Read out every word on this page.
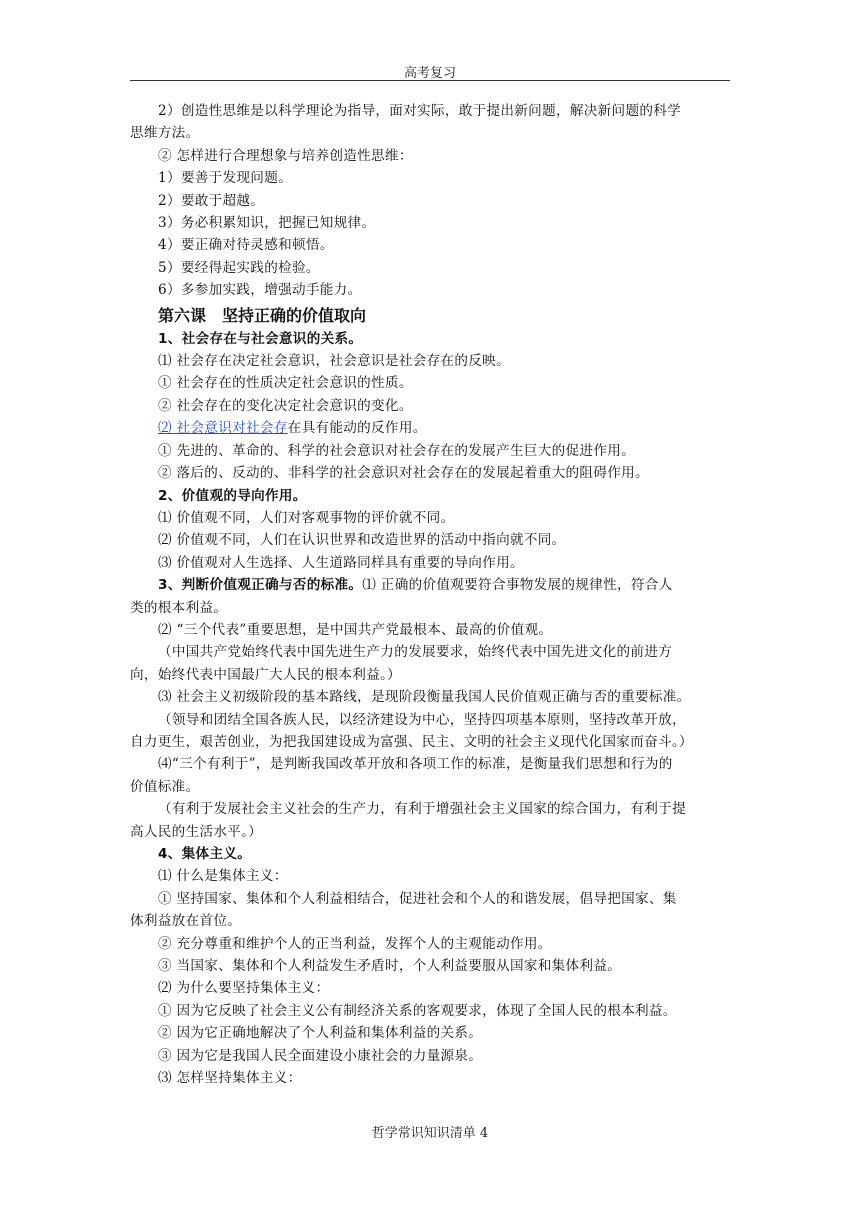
高考复习
2）创造性思维是以科学理论为指导，面对实际，敢于提出新问题，解决新问题的科学
思维方法。
② 怎样进行合理想象与培养创造性思维：
1）要善于发现问题。
2）要敢于超越。
3）务必积累知识，把握已知规律。
4）要正确对待灵感和顿悟。
5）要经得起实践的检验。
6）多参加实践，增强动手能力。
第六课　坚持正确的价值取向
1、社会存在与社会意识的关系。
⑴ 社会存在决定社会意识，社会意识是社会存在的反映。
① 社会存在的性质决定社会意识的性质。
② 社会存在的变化决定社会意识的变化。
⑵ 社会意识对社会存在具有能动的反作用。
① 先进的、革命的、科学的社会意识对社会存在的发展产生巨大的促进作用。
② 落后的、反动的、非科学的社会意识对社会存在的发展起着重大的阻碍作用。
2、价值观的导向作用。
⑴ 价值观不同，人们对客观事物的评价就不同。
⑵ 价值观不同，人们在认识世界和改造世界的活动中指向就不同。
⑶ 价值观对人生选择、人生道路同样具有重要的导向作用。
3、判断价值观正确与否的标准。⑴ 正确的价值观要符合事物发展的规律性，符合人
类的根本利益。
⑵ “三个代表”重要思想，是中国共产党最根本、最高的价值观。
（中国共产党始终代表中国先进生产力的发展要求，始终代表中国先进文化的前进方
向，始终代表中国最广大人民的根本利益。）
⑶ 社会主义初级阶段的基本路线，是现阶段衡量我国人民价值观正确与否的重要标准。
（领导和团结全国各族人民，以经济建设为中心，坚持四项基本原则，坚持改革开放，
自力更生，艰苦创业，为把我国建设成为富强、民主、文明的社会主义现代化国家而奋斗。）
⑷“三个有利于”，是判断我国改革开放和各项工作的标准，是衡量我们思想和行为的
价值标准。
（有利于发展社会主义社会的生产力，有利于增强社会主义国家的综合国力，有利于提
高人民的生活水平。）
4、集体主义。
⑴ 什么是集体主义：
① 坚持国家、集体和个人利益相结合，促进社会和个人的和谐发展，倡导把国家、集
体利益放在首位。
② 充分尊重和维护个人的正当利益，发挥个人的主观能动作用。
③ 当国家、集体和个人利益发生矛盾时，个人利益要服从国家和集体利益。
⑵ 为什么要坚持集体主义：
① 因为它反映了社会主义公有制经济关系的客观要求，体现了全国人民的根本利益。
② 因为它正确地解决了个人利益和集体利益的关系。
③ 因为它是我国人民全面建设小康社会的力量源泉。
⑶ 怎样坚持集体主义：
哲学常识知识清单 4
